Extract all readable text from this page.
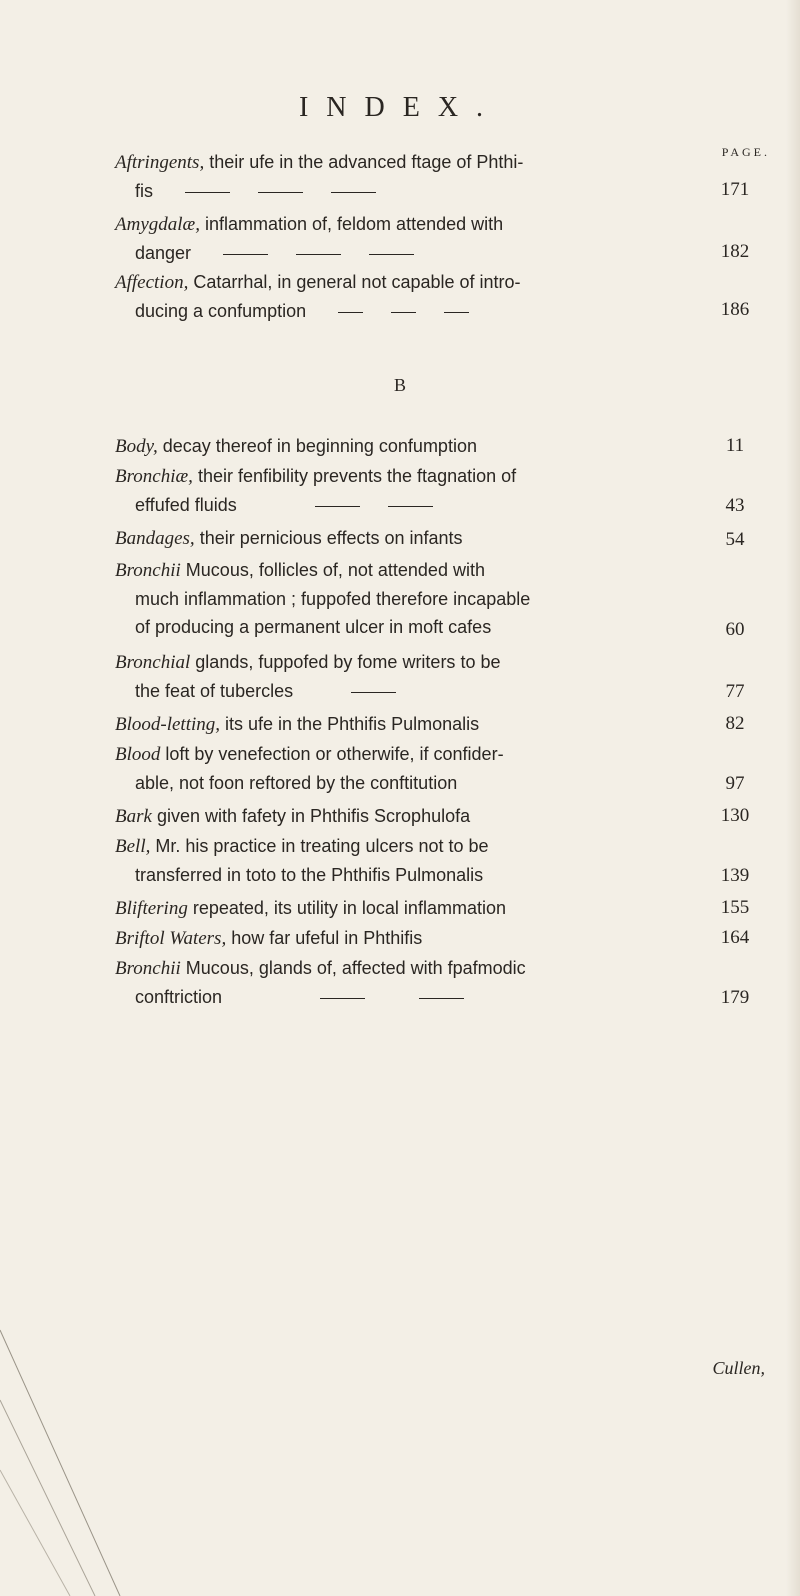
INDEX.
PAGE.
Aftringents, their ufe in the advanced ftage of Phthi-
fis	171
Amygdalæ, inflammation of, feldom attended with
danger	182
Affection, Catarrhal, in general not capable of intro-
ducing a confumption	186
B
Body, decay thereof in beginning confumption	11
Bronchiæ, their fenfibility prevents the ftagnation of
effufed fluids	43
Bandages, their pernicious effects on infants	54
Bronchii Mucous, follicles of, not attended with
much inflammation ; fuppofed therefore incapable
of producing a permanent ulcer in moft cafes	60
Bronchial glands, fuppofed by fome writers to be
the feat of tubercles	77
Blood-letting, its ufe in the Phthifis Pulmonalis	82
Blood loft by venefection or otherwife, if confider-
able, not foon reftored by the conftitution	97
Bark given with fafety in Phthifis Scrophulofa	130
Bell, Mr. his practice in treating ulcers not to be
transferred in toto to the Phthifis Pulmonalis	139
Bliftering repeated, its utility in local inflammation	155
Briftol Waters, how far ufeful in Phthifis	164
Bronchii Mucous, glands of, affected with fpafmodic
conftriction	179
Cullen,
